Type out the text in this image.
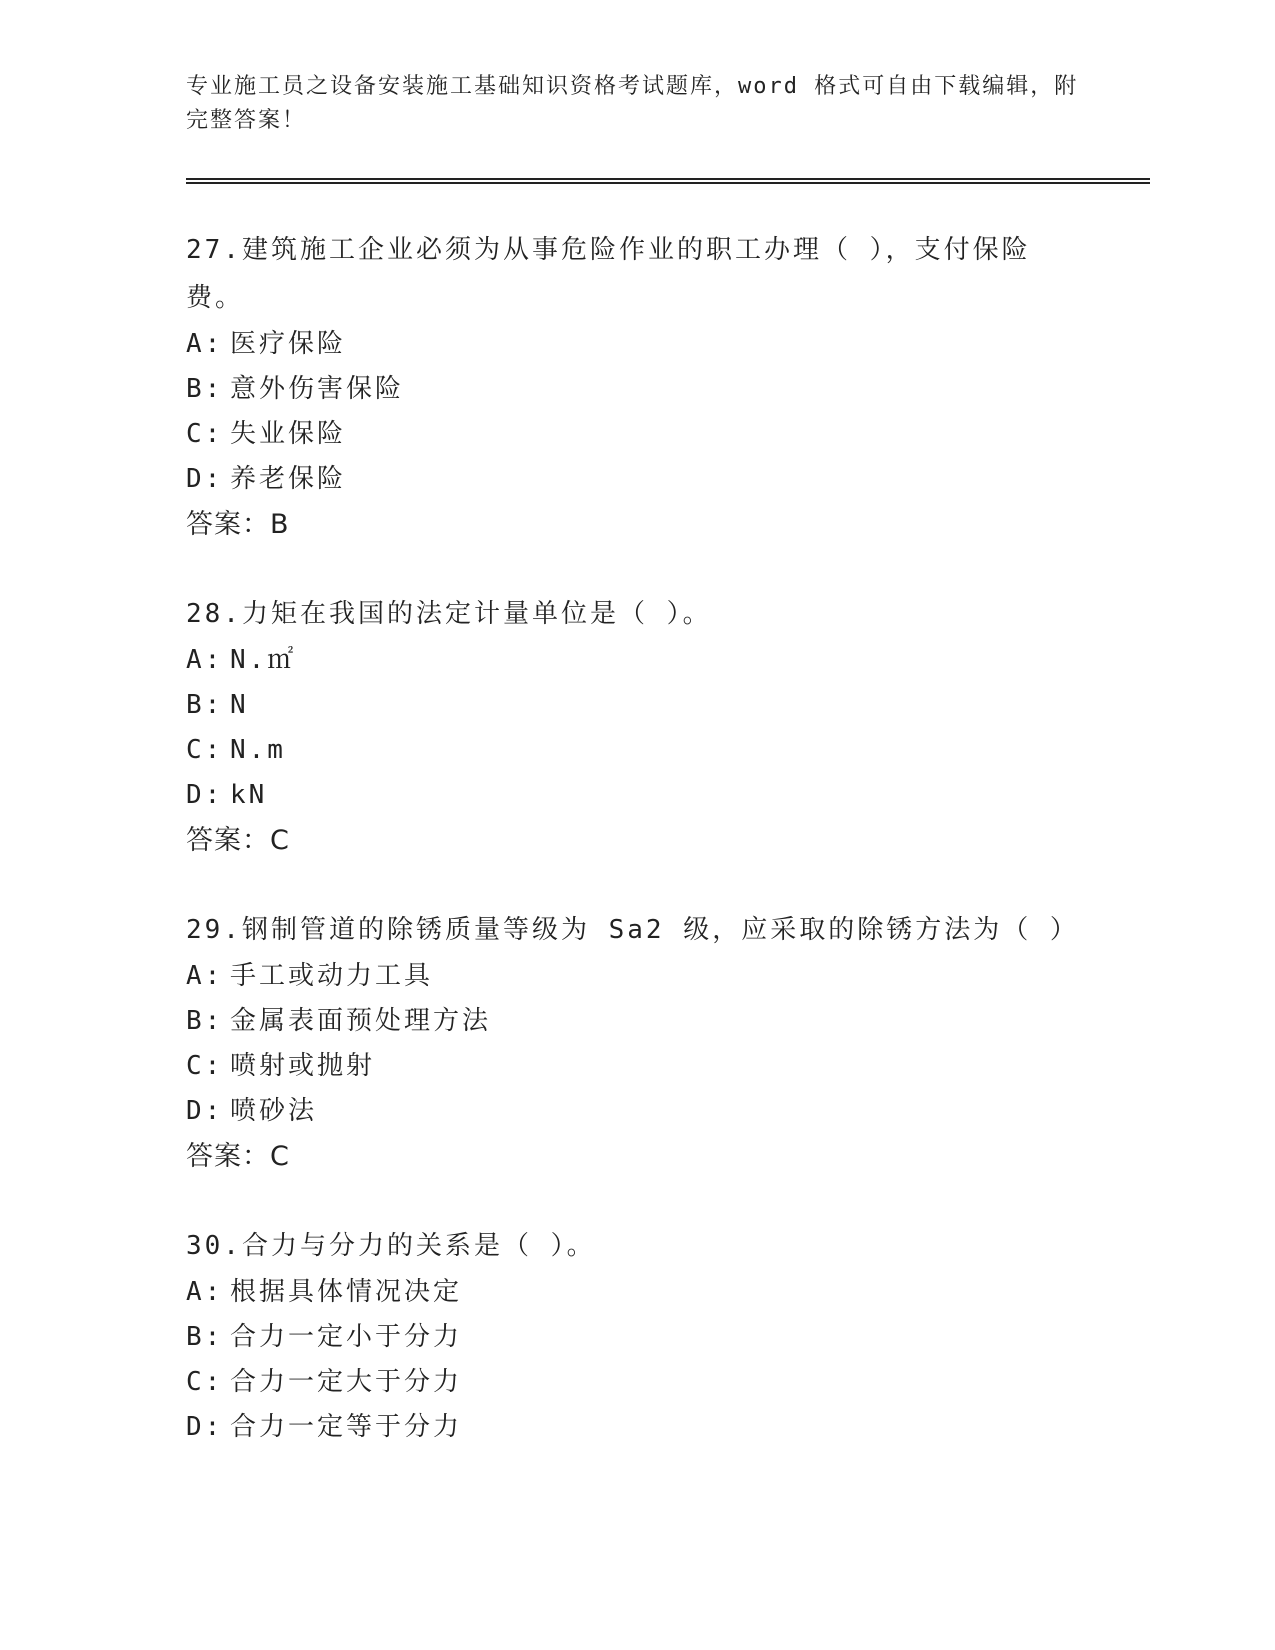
专业施工员之设备安装施工基础知识资格考试题库，word 格式可自由下载编辑，附完整答案！

27.建筑施工企业必须为从事危险作业的职工办理（ ），支付保险费。

A: 医疗保险

B: 意外伤害保险

C: 失业保险

D: 养老保险

答案：B

28.力矩在我国的法定计量单位是（ ）。

A: N.㎡

B: N

C: N.m

D: kN

答案：C

29.钢制管道的除锈质量等级为 Sa2 级，应采取的除锈方法为（ ）

A: 手工或动力工具

B: 金属表面预处理方法

C: 喷射或抛射

D: 喷砂法

答案：C

30.合力与分力的关系是（ ）。

A: 根据具体情况决定

B: 合力一定小于分力

C: 合力一定大于分力

D: 合力一定等于分力
